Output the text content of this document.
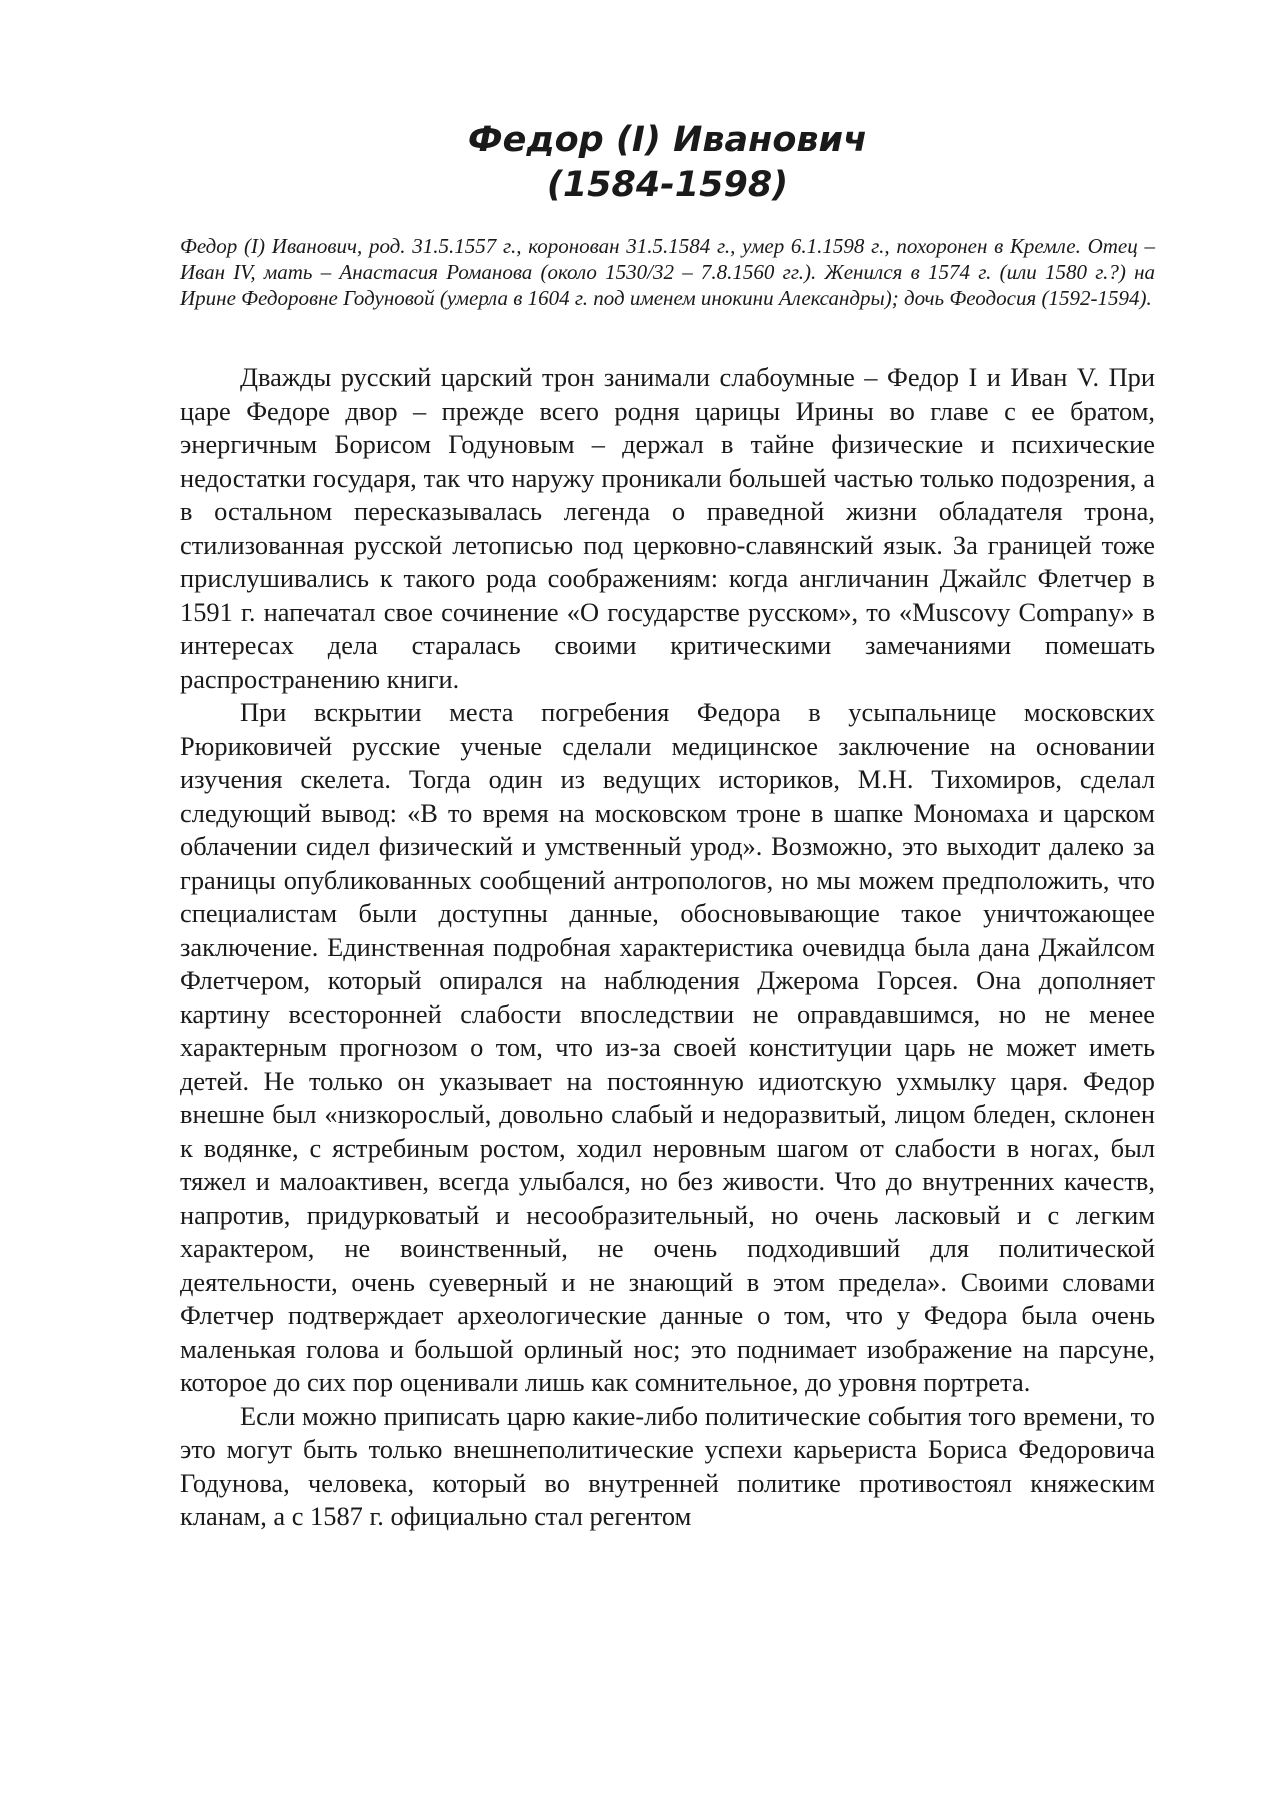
Федор (I) Иванович
(1584-1598)

Федор (I) Иванович, род. 31.5.1557 г., коронован 31.5.1584 г., умер 6.1.1598 г., похоронен в Кремле. Отец – Иван IV, мать – Анастасия Романова (около 1530/32 – 7.8.1560 гг.). Женился в 1574 г. (или 1580 г.?) на Ирине Федоровне Годуновой (умерла в 1604 г. под именем инокини Александры); дочь Феодосия (1592-1594).

Дважды русский царский трон занимали слабоумные – Федор I и Иван V. При царе Федоре двор – прежде всего родня царицы Ирины во главе с ее братом, энергичным Борисом Годуновым – держал в тайне физические и психические недостатки государя, так что наружу проникали большей частью только подозрения, а в остальном пересказывалась легенда о праведной жизни обладателя трона, стилизованная русской летописью под церковно-славянский язык. За границей тоже прислушивались к такого рода соображениям: когда англичанин Джайлс Флетчер в 1591 г. напечатал свое сочинение «О государстве русском», то «Muscovy Company» в интересах дела старалась своими критическими замечаниями помешать распространению книги.

При вскрытии места погребения Федора в усыпальнице московских Рюриковичей русские ученые сделали медицинское заключение на основании изучения скелета. Тогда один из ведущих историков, М.Н. Тихомиров, сделал следующий вывод: «В то время на московском троне в шапке Мономаха и царском облачении сидел физический и умственный урод». Возможно, это выходит далеко за границы опубликованных сообщений антропологов, но мы можем предположить, что специалистам были доступны данные, обосновывающие такое уничтожающее заключение. Единственная подробная характеристика очевидца была дана Джайлсом Флетчером, который опирался на наблюдения Джерома Горсея. Она дополняет картину всесторонней слабости впоследствии не оправдавшимся, но не менее характерным прогнозом о том, что из-за своей конституции царь не может иметь детей. Не только он указывает на постоянную идиотскую ухмылку царя. Федор внешне был «низкорослый, довольно слабый и недоразвитый, лицом бледен, склонен к водянке, с ястребиным ростом, ходил неровным шагом от слабости в ногах, был тяжел и малоактивен, всегда улыбался, но без живости. Что до внутренних качеств, напротив, придурковатый и несообразительный, но очень ласковый и с легким характером, не воинственный, не очень подходивший для политической деятельности, очень суеверный и не знающий в этом предела». Своими словами Флетчер подтверждает археологические данные о том, что у Федора была очень маленькая голова и большой орлиный нос; это поднимает изображение на парсуне, которое до сих пор оценивали лишь как сомнительное, до уровня портрета.

Если можно приписать царю какие-либо политические события того времени, то это могут быть только внешнеполитические успехи карьериста Бориса Федоровича Годунова, человека, который во внутренней политике противостоял княжеским кланам, а с 1587 г. официально стал регентом
